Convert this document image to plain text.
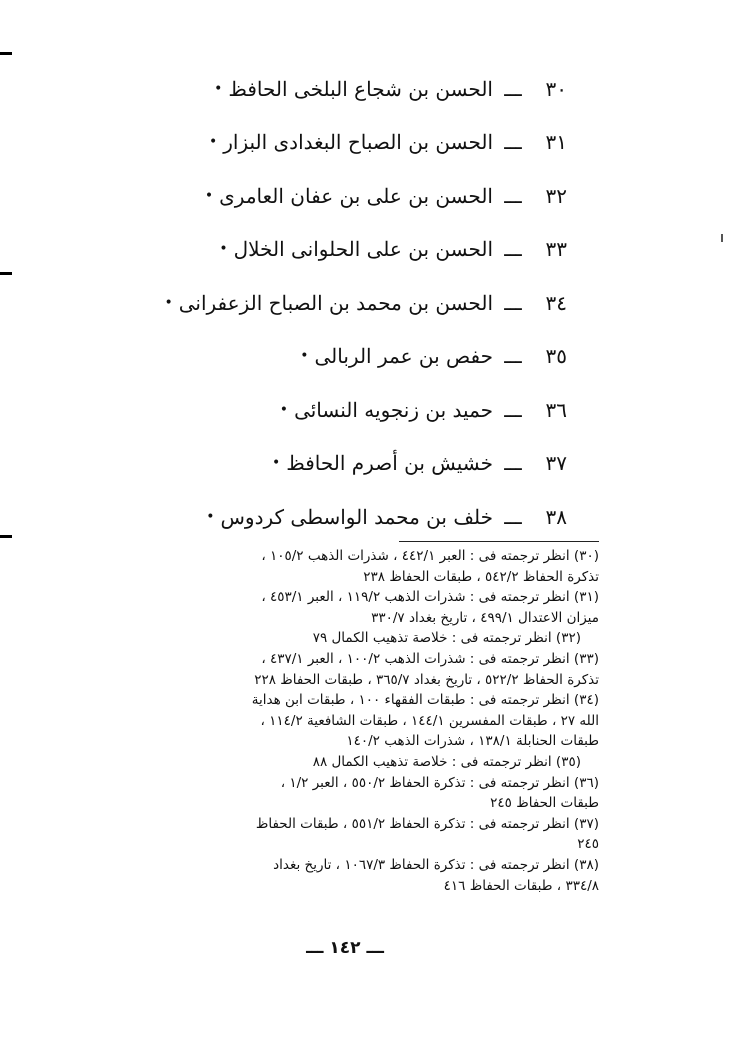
٣٠
ـــ
الحسن بن شجاع البلخى الحافظ
•
٣١
ـــ
الحسن بن الصباح البغدادى البزار
•
٣٢
ـــ
الحسن بن على بن عفان العامرى
•
٣٣
ـــ
الحسن بن على الحلوانى الخلال
•
٣٤
ـــ
الحسن بن محمد بن الصباح الزعفرانى
•
٣٥
ـــ
حفص بن عمر الربالى
•
٣٦
ـــ
حميد بن زنجويه النسائى
•
٣٧
ـــ
خشيش بن أصرم الحافظ
•
٣٨
ـــ
خلف بن محمد الواسطى كردوس
•
(٣٠) انظر ترجمته فى : العبر ٤٤٢/١ ، شذرات الذهب ١٠٥/٢ ،
تذكرة الحفاظ ٥٤٢/٢ ، طبقات الحفاظ ٢٣٨
(٣١) انظر ترجمته فى : شذرات الذهب ١١٩/٢ ، العبر ٤٥٣/١ ،
ميزان الاعتدال ٤٩٩/١ ، تاريخ بغداد ٣٣٠/٧
(٣٢) انظر ترجمته فى : خلاصة تذهيب الكمال ٧٩
(٣٣) انظر ترجمته فى : شذرات الذهب ١٠٠/٢ ، العبر ٤٣٧/١ ،
تذكرة الحفاظ ٥٢٢/٢ ، تاريخ بغداد ٣٦٥/٧ ، طبقات الحفاظ ٢٢٨
(٣٤) انظر ترجمته فى : طبقات الفقهاء ١٠٠ ، طبقات ابن هداية
الله ٢٧ ، طبقات المفسرين ١٤٤/١ ، طبقات الشافعية ١١٤/٢ ،
طبقات الحنابلة ١٣٨/١ ، شذرات الذهب ١٤٠/٢
(٣٥) انظر ترجمته فى : خلاصة تذهيب الكمال ٨٨
(٣٦) انظر ترجمته فى : تذكرة الحفاظ ٥٥٠/٢ ، العبر ١/٢ ،
طبقات الحفاظ ٢٤٥
(٣٧) انظر ترجمته فى : تذكرة الحفاظ ٥٥١/٢ ، طبقات الحفاظ
٢٤٥
(٣٨) انظر ترجمته فى : تذكرة الحفاظ ١٠٦٧/٣ ، تاريخ بغداد
٣٣٤/٨ ، طبقات الحفاظ ٤١٦
ـــ ١٤٢ ـــ
